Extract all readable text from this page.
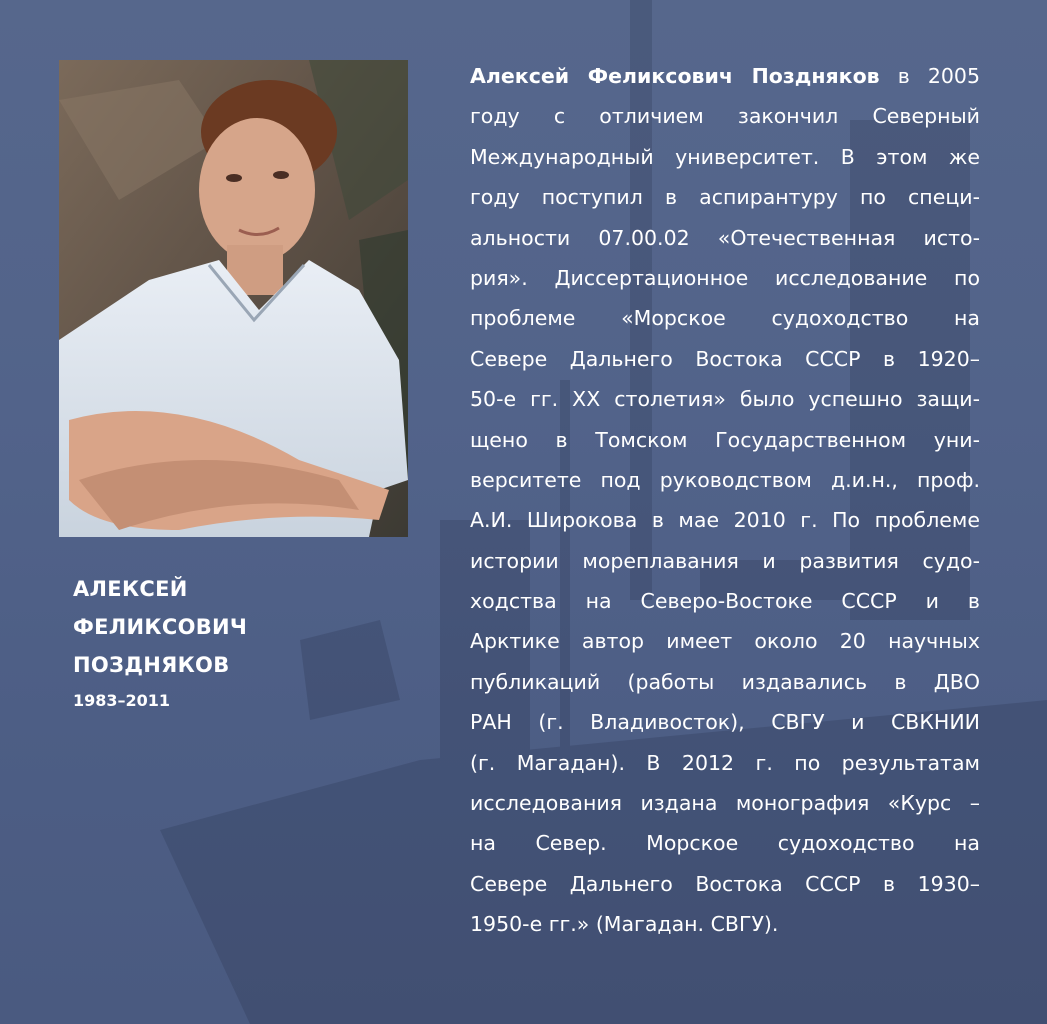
АЛЕКСЕЙ
ФЕЛИКСОВИЧ
ПОЗДНЯКОВ
1983–2011
Алексей Феликсович Поздняков в 2005
году с отличием закончил Северный
Международный университет. В этом же
году поступил в аспирантуру по специ-
альности 07.00.02 «Отечественная исто-
рия». Диссертационное исследование по
проблеме «Морское судоходство на
Севере Дальнего Востока СССР в 1920–
50-е гг. XX столетия» было успешно защи-
щено в Томском Государственном уни-
верситете под руководством д.и.н., проф.
А.И. Широкова в мае 2010 г. По проблеме
истории мореплавания и развития судо-
ходства на Северо-Востоке СССР и в
Арктике автор имеет около 20 научных
публикаций (работы издавались в ДВО
РАН (г. Владивосток), СВГУ и СВКНИИ
(г. Магадан). В 2012 г. по результатам
исследования издана монография «Курс –
на Север. Морское судоходство на
Севере Дальнего Востока СССР в 1930–
1950-е гг.» (Магадан. СВГУ).
